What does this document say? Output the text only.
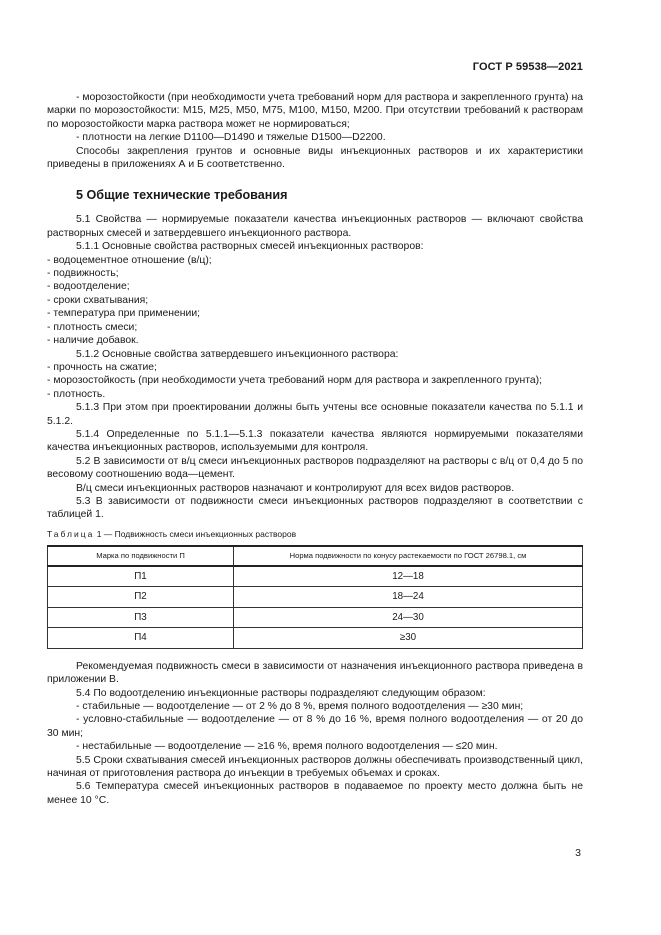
ГОСТ Р 59538—2021

- морозостойкости (при необходимости учета требований норм для раствора и закрепленного грунта) на марки по морозостойкости: M15, M25, M50, M75, M100, M150, M200. При отсутствии требований к растворам по морозостойкости марка раствора может не нормироваться;

- плотности на легкие D1100—D1490 и тяжелые D1500—D2200.

Способы закрепления грунтов и основные виды инъекционных растворов и их характеристики приведены в приложениях А и Б соответственно.

5 Общие технические требования

5.1 Свойства — нормируемые показатели качества инъекционных растворов — включают свойства растворных смесей и затвердевшего инъекционного раствора.

5.1.1 Основные свойства растворных смесей инъекционных растворов:

- водоцементное отношение (в/ц);

- подвижность;

- водоотделение;

- сроки схватывания;

- температура при применении;

- плотность смеси;

- наличие добавок.

5.1.2 Основные свойства затвердевшего инъекционного раствора:

- прочность на сжатие;

- морозостойкость (при необходимости учета требований норм для раствора и закрепленного грунта);

- плотность.

5.1.3 При этом при проектировании должны быть учтены все основные показатели качества по 5.1.1 и 5.1.2.

5.1.4 Определенные по 5.1.1—5.1.3 показатели качества являются нормируемыми показателями качества инъекционных растворов, используемыми для контроля.

5.2 В зависимости от в/ц смеси инъекционных растворов подразделяют на растворы с в/ц от 0,4 до 5 по весовому соотношению вода—цемент.

В/ц смеси инъекционных растворов назначают и контролируют для всех видов растворов.

5.3 В зависимости от подвижности смеси инъекционных растворов подразделяют в соответствии с таблицей 1.

Таблица 1 — Подвижность смеси инъекционных растворов

Марка по подвижности П	Норма подвижности по конусу растекаемости по ГОСТ 26798.1, см
П1	12—18
П2	18—24
П3	24—30
П4	≥30

Рекомендуемая подвижность смеси в зависимости от назначения инъекционного раствора приведена в приложении В.

5.4 По водоотделению инъекционные растворы подразделяют следующим образом:

- стабильные — водоотделение — от 2 % до 8 %, время полного водоотделения — ≥30 мин;

- условно-стабильные — водоотделение — от 8 % до 16 %, время полного водоотделения — от 20 до 30 мин;

- нестабильные — водоотделение — ≥16 %, время полного водоотделения — ≤20 мин.

5.5 Сроки схватывания смесей инъекционных растворов должны обеспечивать производственный цикл, начиная от приготовления раствора до инъекции в требуемых объемах и сроках.

5.6 Температура смесей инъекционных растворов в подаваемое по проекту место должна быть не менее 10 °С.

3
